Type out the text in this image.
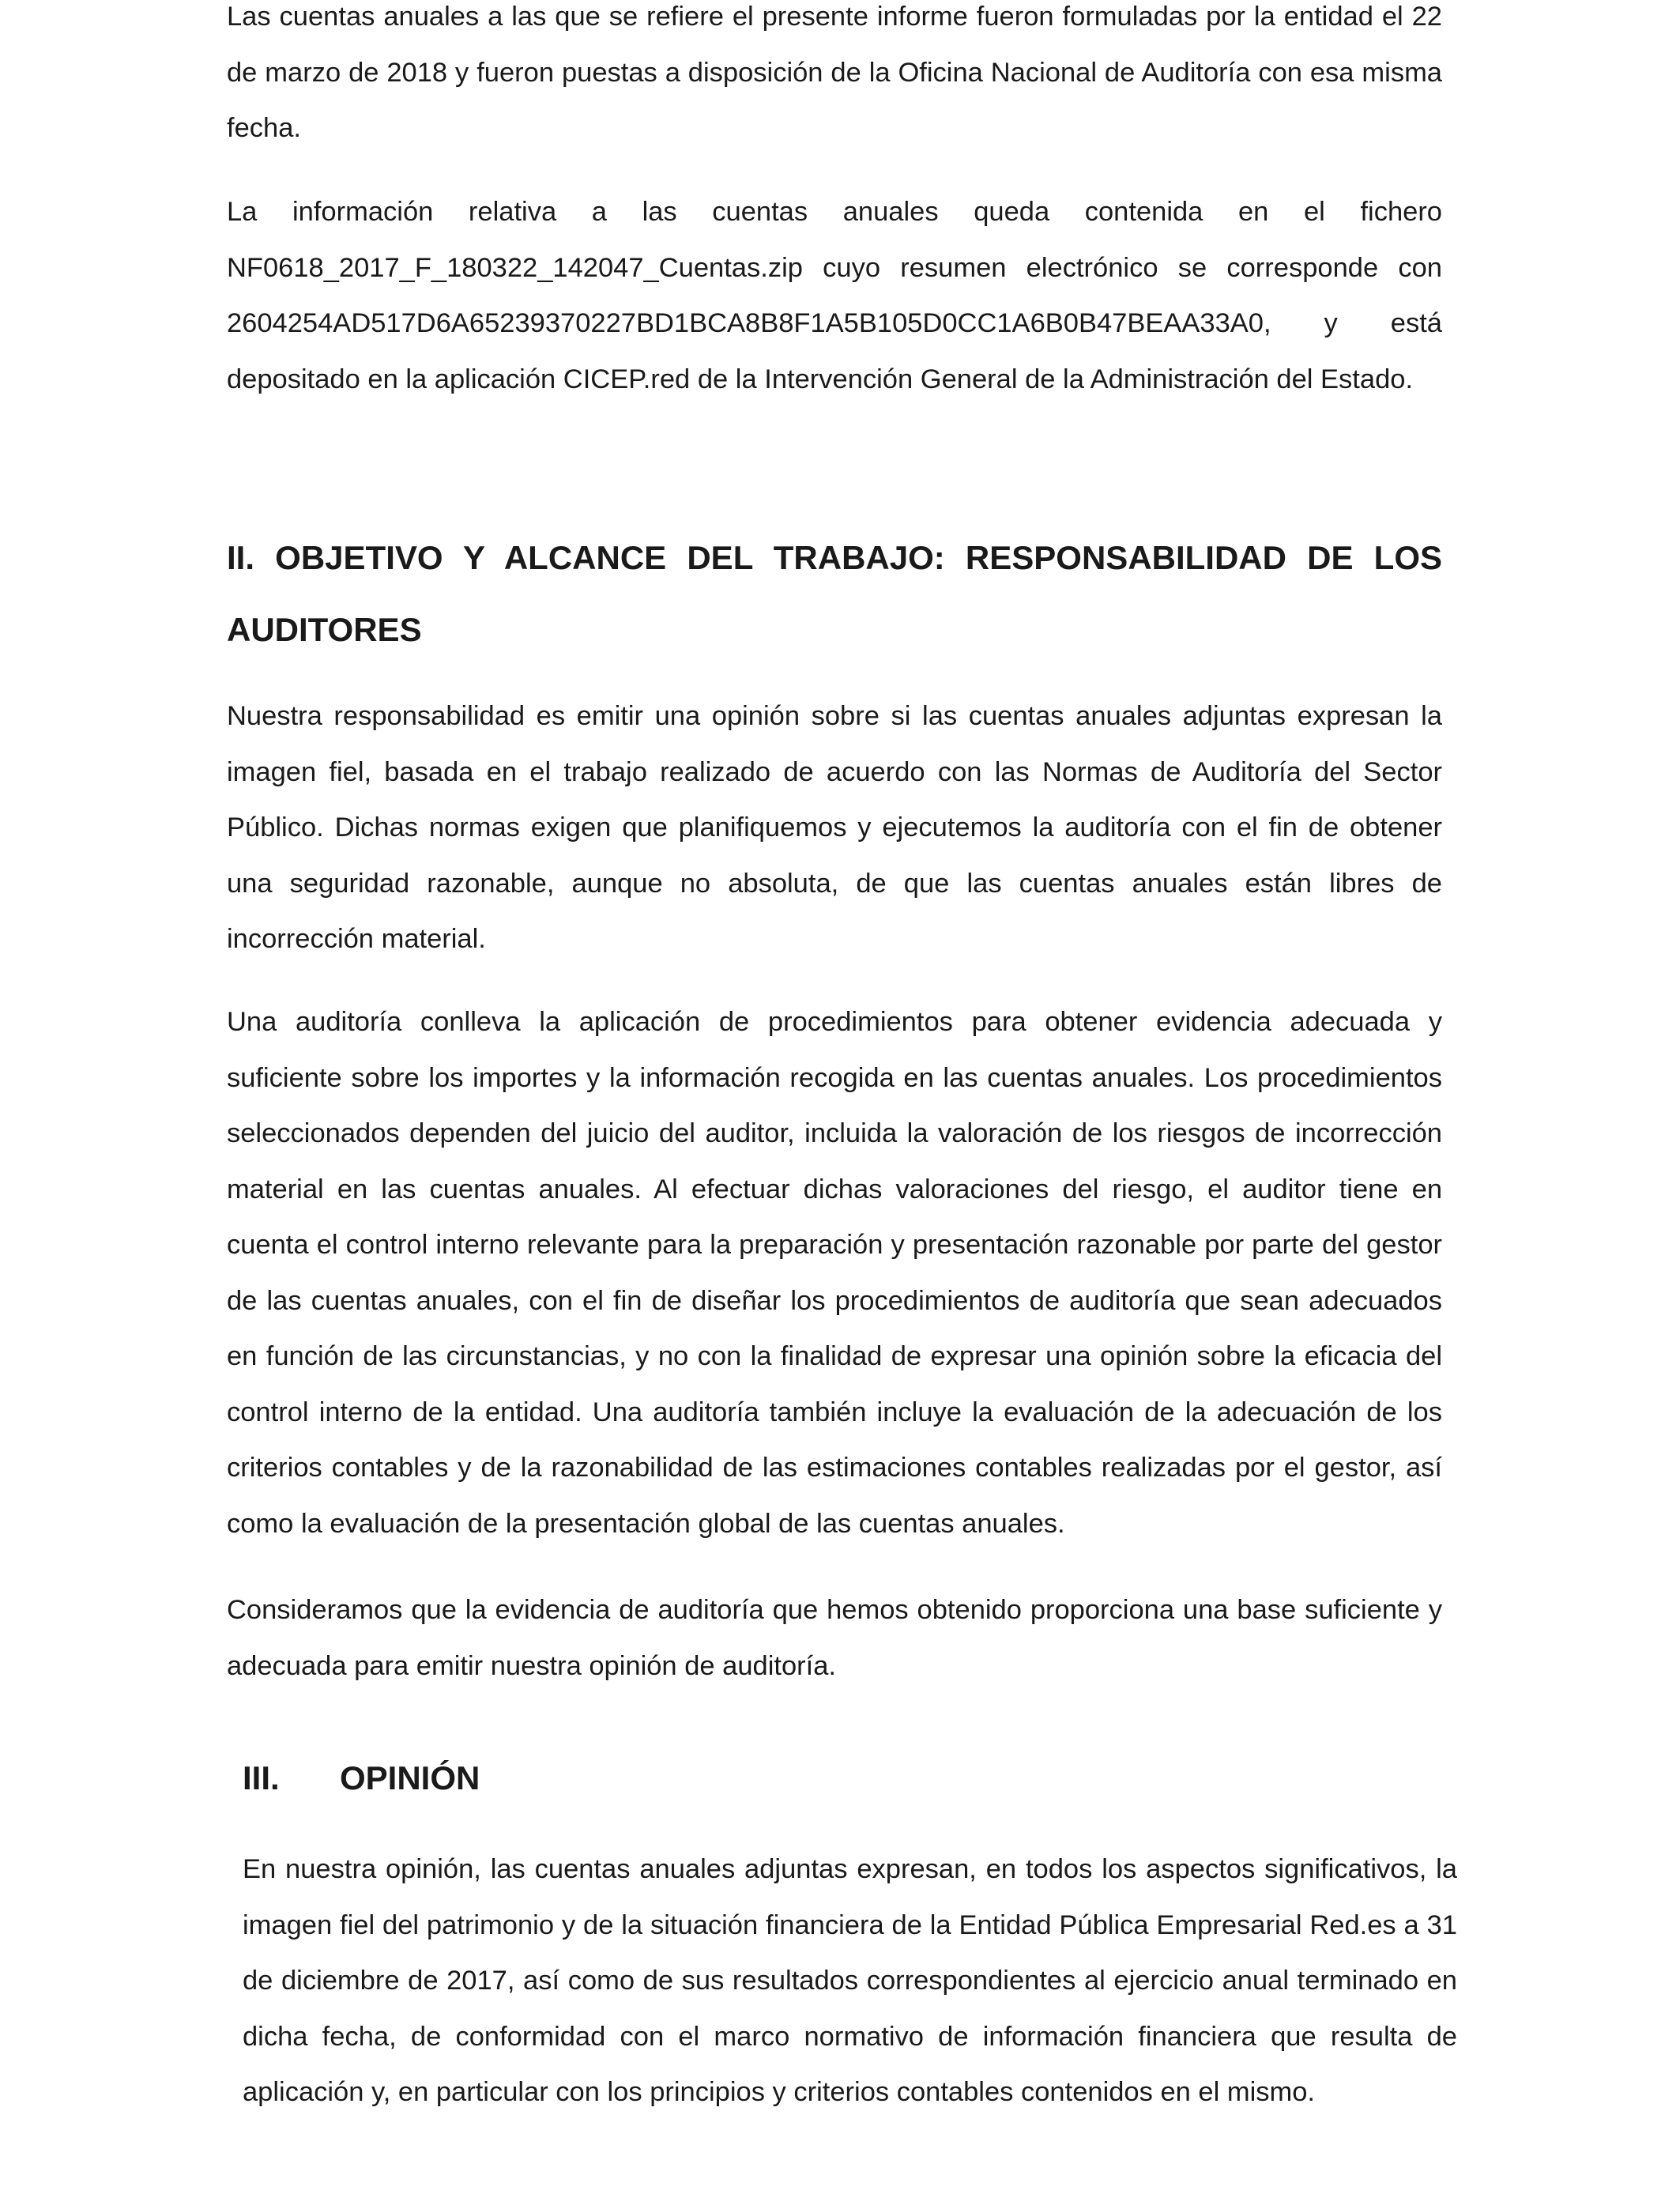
Las cuentas anuales a las que se refiere el presente informe fueron formuladas por la entidad el 22 de marzo de 2018 y fueron puestas a disposición de la Oficina Nacional de Auditoría con esa misma fecha.

La información relativa a las cuentas anuales queda contenida en el fichero NF0618_2017_F_180322_142047_Cuentas.zip cuyo resumen electrónico se corresponde con 2604254AD517D6A65239370227BD1BCA8B8F1A5B105D0CC1A6B0B47BEAA33A0, y está depositado en la aplicación CICEP.red de la Intervención General de la Administración del Estado.

II. OBJETIVO Y ALCANCE DEL TRABAJO: RESPONSABILIDAD DE LOS AUDITORES

Nuestra responsabilidad es emitir una opinión sobre si las cuentas anuales adjuntas expresan la imagen fiel, basada en el trabajo realizado de acuerdo con las Normas de Auditoría del Sector Público. Dichas normas exigen que planifiquemos y ejecutemos la auditoría con el fin de obtener una seguridad razonable, aunque no absoluta, de que las cuentas anuales están libres de incorrección material.

Una auditoría conlleva la aplicación de procedimientos para obtener evidencia adecuada y suficiente sobre los importes y la información recogida en las cuentas anuales. Los procedimientos seleccionados dependen del juicio del auditor, incluida la valoración de los riesgos de incorrección material en las cuentas anuales. Al efectuar dichas valoraciones del riesgo, el auditor tiene en cuenta el control interno relevante para la preparación y presentación razonable por parte del gestor de las cuentas anuales, con el fin de diseñar los procedimientos de auditoría que sean adecuados en función de las circunstancias, y no con la finalidad de expresar una opinión sobre la eficacia del control interno de la entidad. Una auditoría también incluye la evaluación de la adecuación de los criterios contables y de la razonabilidad de las estimaciones contables realizadas por el gestor, así como la evaluación de la presentación global de las cuentas anuales.

Consideramos que la evidencia de auditoría que hemos obtenido proporciona una base suficiente y adecuada para emitir nuestra opinión de auditoría.

III. OPINIÓN

En nuestra opinión, las cuentas anuales adjuntas expresan, en todos los aspectos significativos, la imagen fiel del patrimonio y de la situación financiera de la Entidad Pública Empresarial Red.es a 31 de diciembre de 2017, así como de sus resultados correspondientes al ejercicio anual terminado en dicha fecha, de conformidad con el marco normativo de información financiera que resulta de aplicación y, en particular con los principios y criterios contables contenidos en el mismo.
